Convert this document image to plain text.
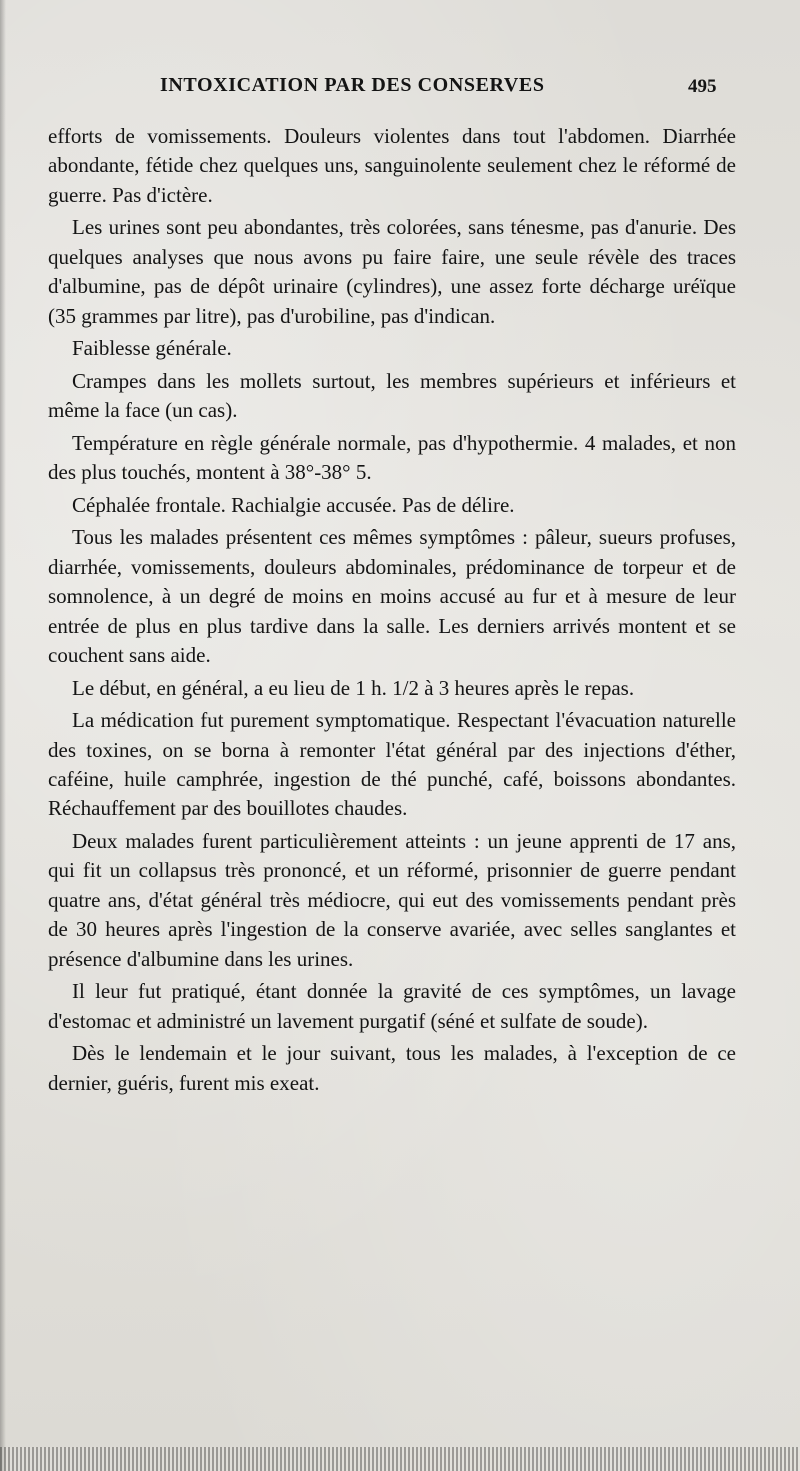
INTOXICATION PAR DES CONSERVES	495

efforts de vomissements. Douleurs violentes dans tout l'abdomen. Diarrhée abondante, fétide chez quelques uns, sanguinolente seulement chez le réformé de guerre. Pas d'ictère.

Les urines sont peu abondantes, très colorées, sans ténesme, pas d'anurie. Des quelques analyses que nous avons pu faire faire, une seule révèle des traces d'albumine, pas de dépôt urinaire (cylindres), une assez forte décharge uréïque (35 grammes par litre), pas d'urobiline, pas d'indican.

Faiblesse générale.

Crampes dans les mollets surtout, les membres supérieurs et inférieurs et même la face (un cas).

Température en règle générale normale, pas d'hypothermie. 4 malades, et non des plus touchés, montent à 38°-38° 5.

Céphalée frontale. Rachialgie accusée. Pas de délire.

Tous les malades présentent ces mêmes symptômes : pâleur, sueurs profuses, diarrhée, vomissements, douleurs abdominales, prédominance de torpeur et de somnolence, à un degré de moins en moins accusé au fur et à mesure de leur entrée de plus en plus tardive dans la salle. Les derniers arrivés montent et se couchent sans aide.

Le début, en général, a eu lieu de 1 h. 1/2 à 3 heures après le repas.

La médication fut purement symptomatique. Respectant l'évacuation naturelle des toxines, on se borna à remonter l'état général par des injections d'éther, caféine, huile camphrée, ingestion de thé punché, café, boissons abondantes. Réchauffement par des bouillotes chaudes.

Deux malades furent particulièrement atteints : un jeune apprenti de 17 ans, qui fit un collapsus très prononcé, et un réformé, prisonnier de guerre pendant quatre ans, d'état général très médiocre, qui eut des vomissements pendant près de 30 heures après l'ingestion de la conserve avariée, avec selles sanglantes et présence d'albumine dans les urines.

Il leur fut pratiqué, étant donnée la gravité de ces symptômes, un lavage d'estomac et administré un lavement purgatif (séné et sulfate de soude).

Dès le lendemain et le jour suivant, tous les malades, à l'exception de ce dernier, guéris, furent mis exeat.
